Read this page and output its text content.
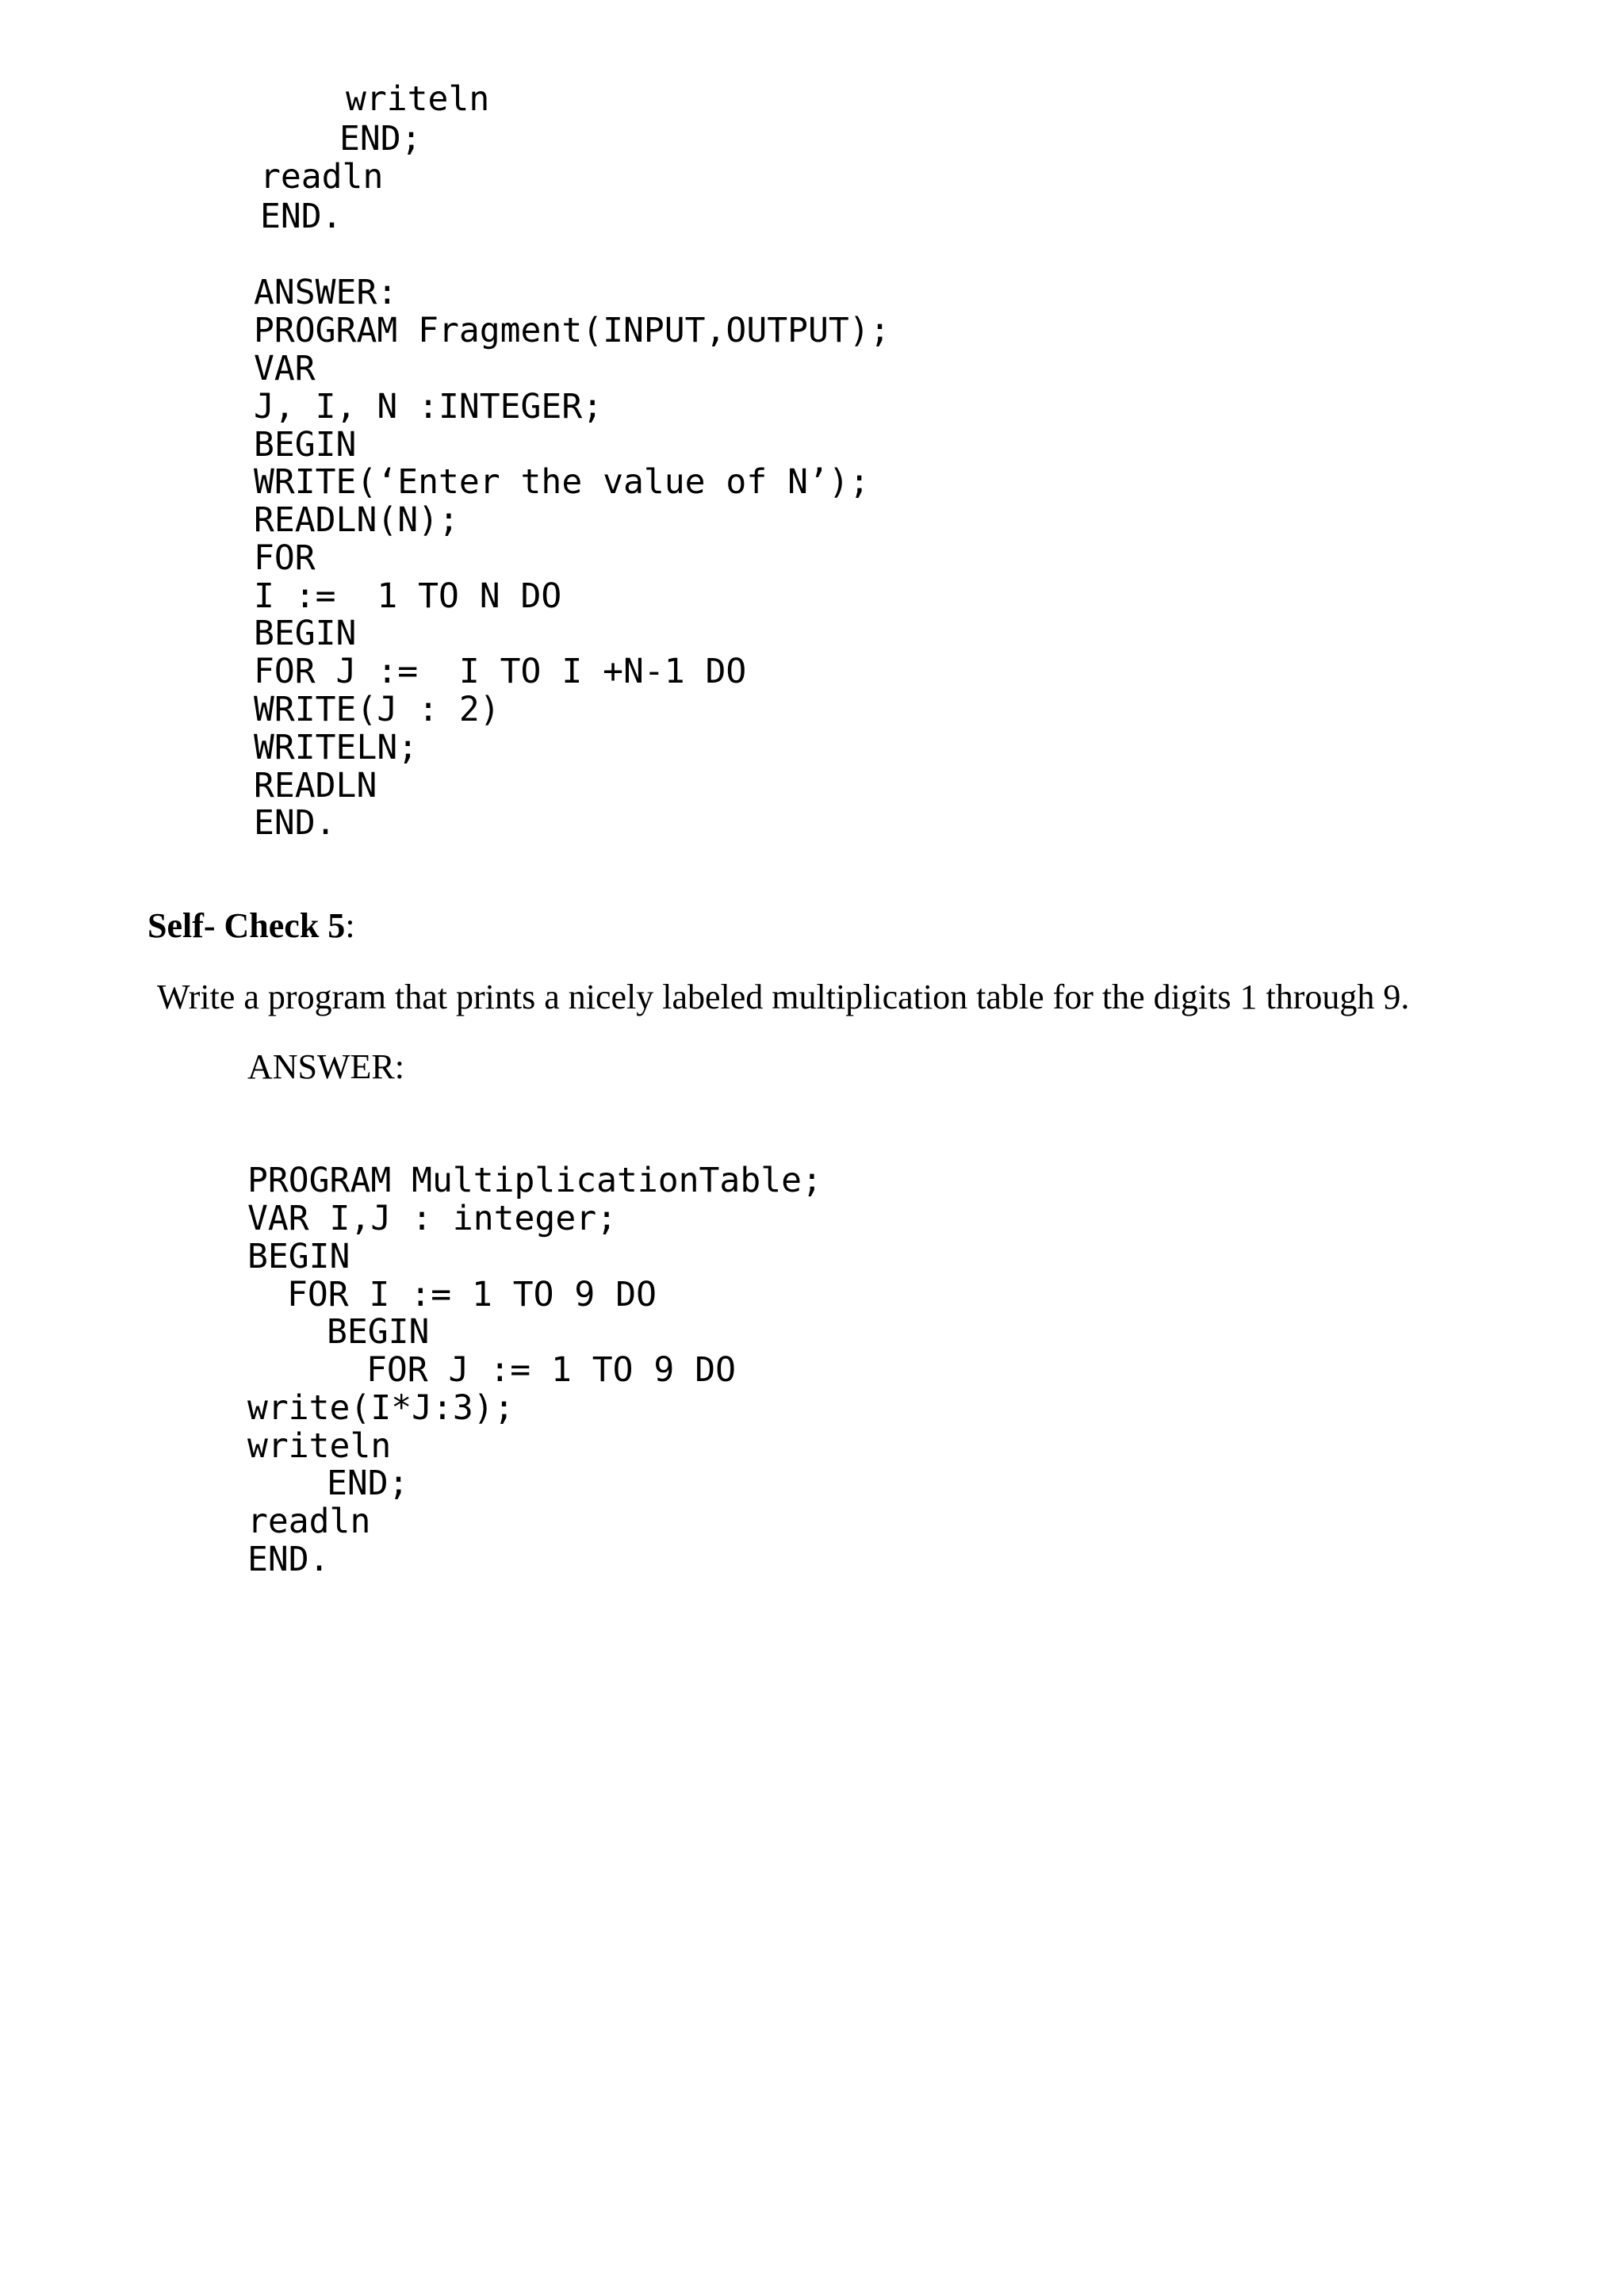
writeln

END;

readln

END.

ANSWER:

PROGRAM Fragment(INPUT,OUTPUT);

VAR

J, I, N :INTEGER;

BEGIN

WRITE(‘Enter the value of N’);

READLN(N);

FOR

I :=  1 TO N DO

BEGIN

FOR J :=  I TO I +N-1 DO

WRITE(J : 2)

WRITELN;

READLN

END.

Self- Check 5:

Write a program that prints a nicely labeled multiplication table for the digits 1 through 9.

ANSWER:

PROGRAM MultiplicationTable;

VAR I,J : integer;

BEGIN

FOR I := 1 TO 9 DO

BEGIN

FOR J := 1 TO 9 DO

write(I*J:3);

writeln

END;

readln

END.
